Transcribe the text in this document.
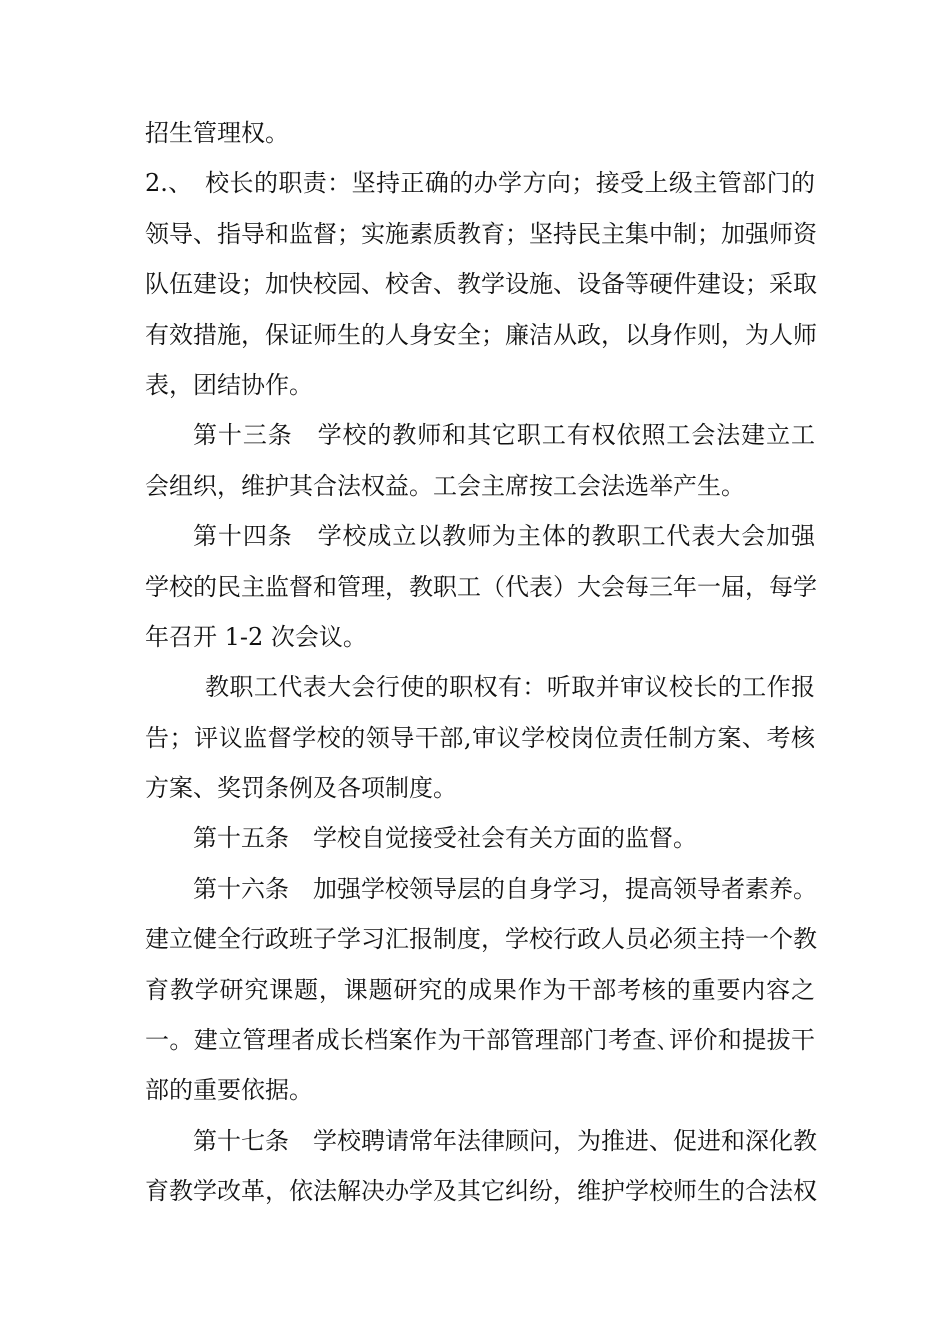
招生管理权。
2.、　校长的职责：坚持正确的办学方向；接受上级主管部门的
领导、指导和监督；实施素质教育；坚持民主集中制；加强师资
队伍建设；加快校园、校舍、教学设施、设备等硬件建设；采取
有效措施，保证师生的人身安全；廉洁从政，以身作则，为人师
表，团结协作。
第十三条　学校的教师和其它职工有权依照工会法建立工
会组织，维护其合法权益。工会主席按工会法选举产生。
第十四条　学校成立以教师为主体的教职工代表大会加强
学校的民主监督和管理，教职工（代表）大会每三年一届，每学
年召开 1-2 次会议。
教职工代表大会行使的职权有：听取并审议校长的工作报
告；评议监督学校的领导干部,审议学校岗位责任制方案、考核
方案、奖罚条例及各项制度。
第十五条　学校自觉接受社会有关方面的监督。
第十六条　加强学校领导层的自身学习，提高领导者素养。
建立健全行政班子学习汇报制度，学校行政人员必须主持一个教
育教学研究课题，课题研究的成果作为干部考核的重要内容之
一。建立管理者成长档案作为干部管理部门考查､评价和提拔干
部的重要依据。
第十七条　学校聘请常年法律顾问，为推进、促进和深化教
育教学改革，依法解决办学及其它纠纷，维护学校师生的合法权
